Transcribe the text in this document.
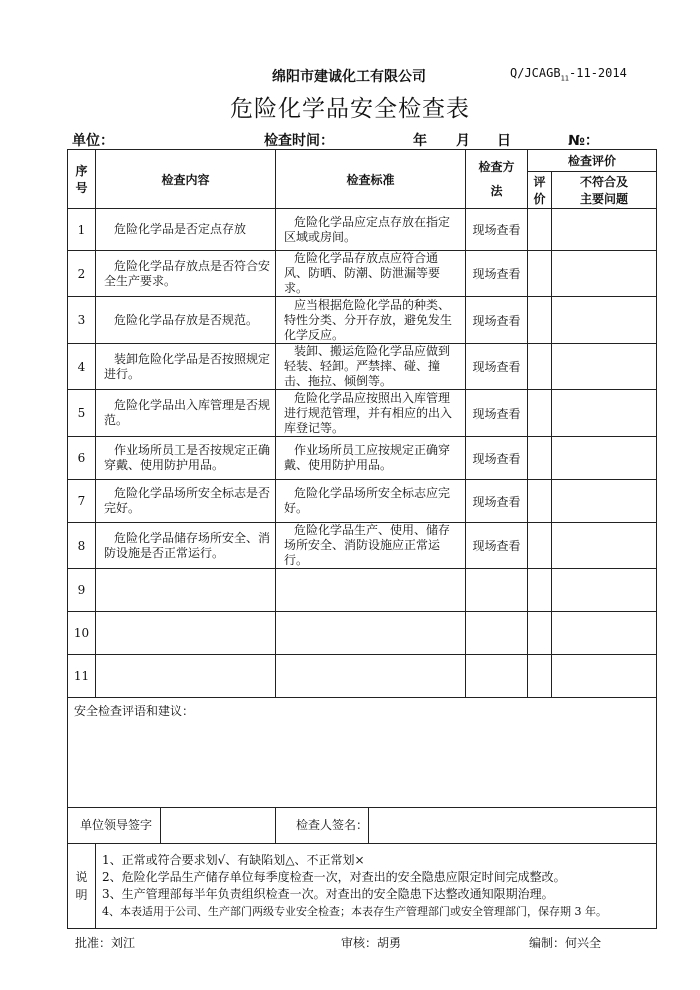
绵阳市建诚化工有限公司	$Q/JCAGB_{11}-11-2014$
危险化学品安全检查表
单位：	检查时间：	年 月 日	№：
序号	检查内容	检查标准	检查方法	检查评价	
				评价	不符合及
主要问题

1	危险化学品是否定点存放	危险化学品应定点存放在指定区域或房间。	现场查看		
2	危险化学品存放点是否符合安全生产要求。	危险化学品存放点应符合通风、防晒、防潮、防泄漏等要求。	现场查看		
3	危险化学品存放是否规范。	应当根据危险化学品的种类、特性分类、分开存放，避免发生化学反应。	现场查看		
4	装卸危险化学品是否按照规定进行。	装卸、搬运危险化学品应做到轻装、轻卸。严禁摔、碰、撞击、拖拉、倾倒等。	现场查看		
5	危险化学品出入库管理是否规范。	危险化学品应按照出入库管理进行规范管理，并有相应的出入库登记等。	现场查看		
6	作业场所员工是否按规定正确穿戴、使用防护用品。	作业场所员工应按规定正确穿戴、使用防护用品。	现场查看		
7	危险化学品场所安全标志是否完好。	危险化学品场所安全标志应完好。	现场查看		
8	危险化学品储存场所安全、消防设施是否正常运行。	危险化学品生产、使用、储存场所安全、消防设施应正常运行。	现场查看		
9					
10					
11					
安全检查评语和建议：					

单位领导签字		检查人签名：			

说明	1、正常或符合要求划√、有缺陷划△、不正常划×
2、危险化学品生产储存单位每季度检查一次，对查出的安全隐患应限定时间完成整改。
3、生产管理部每半年负责组织检查一次。对查出的安全隐患下达整改通知限期治理。
4、本表适用于公司、生产部门两级专业安全检查；本表存生产管理部门或安全管理部门，保存期 3 年。				
批准：刘江	审核：胡勇	编制：何兴全
